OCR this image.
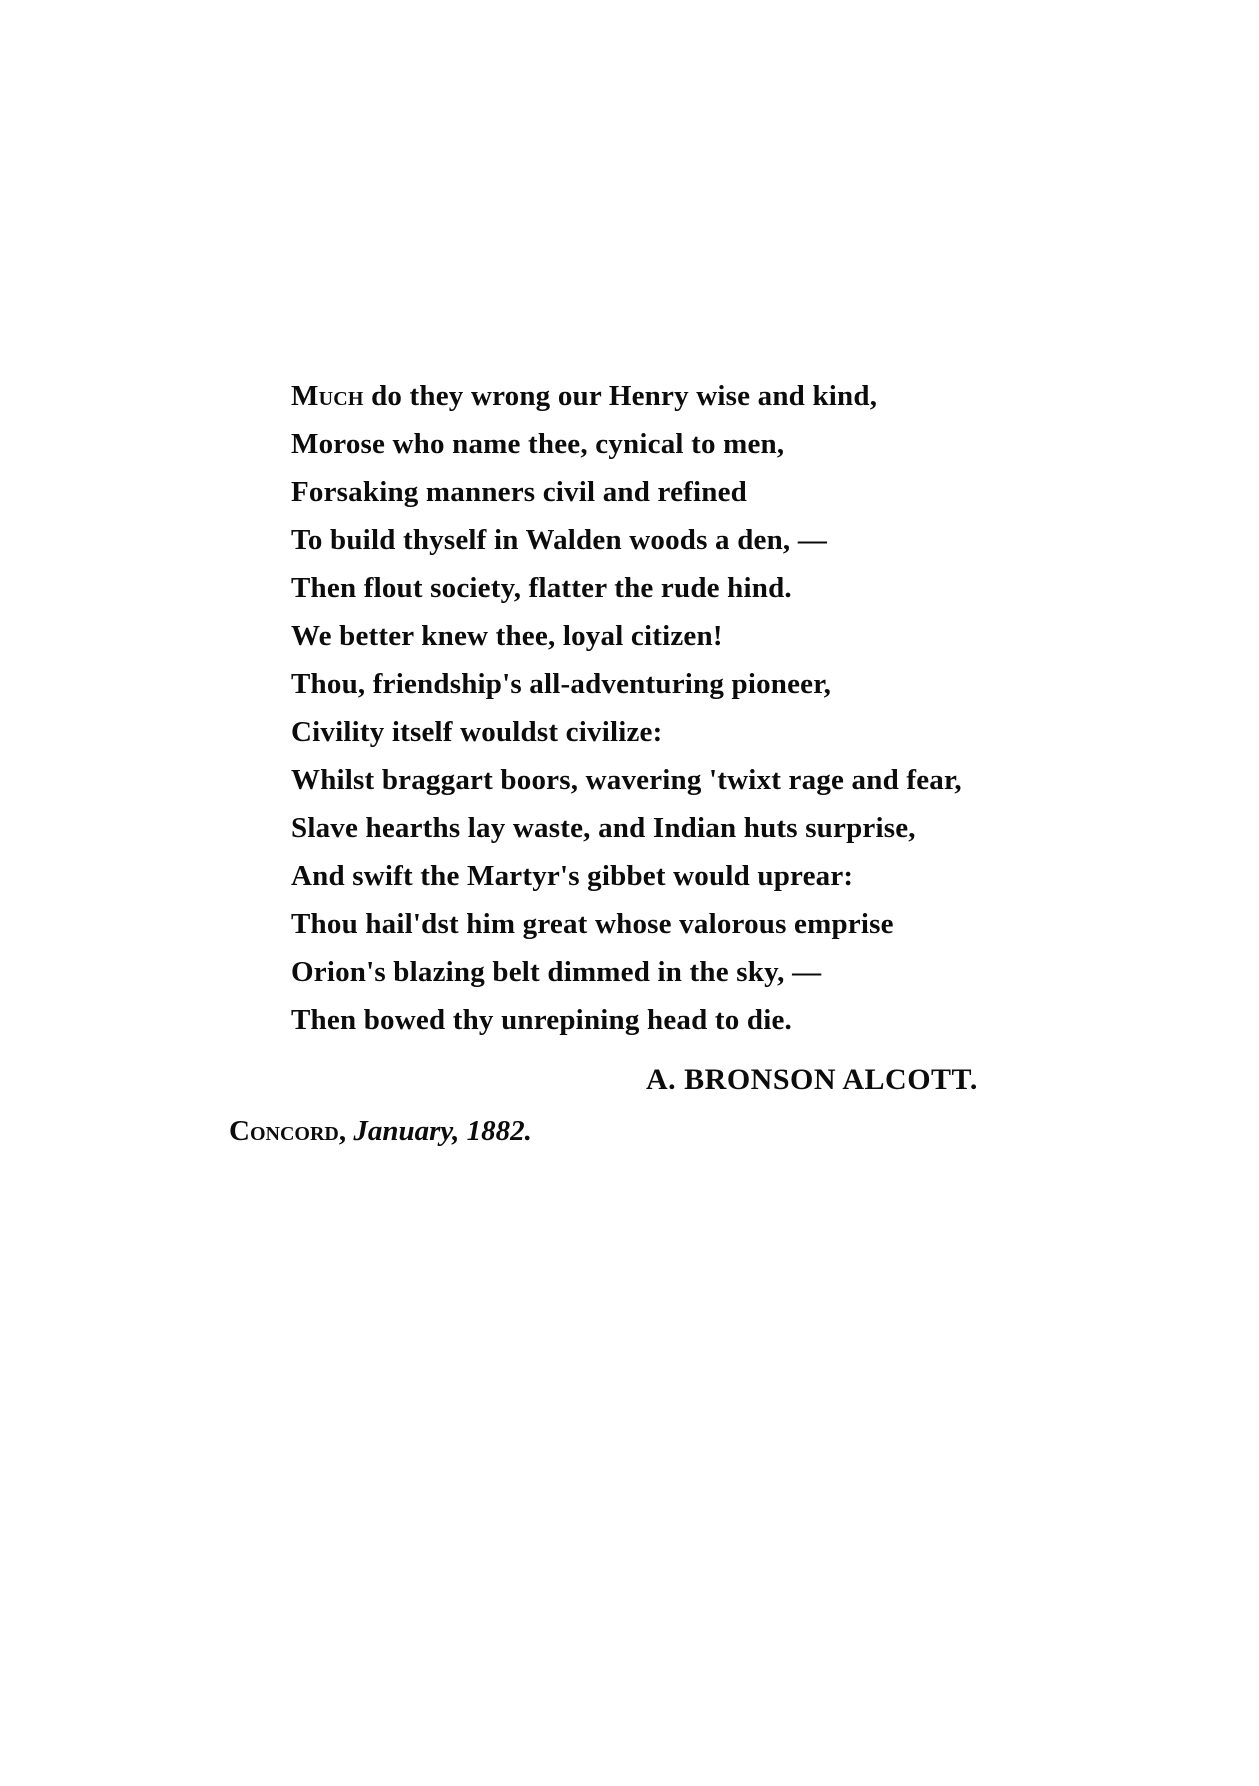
Much do they wrong our Henry wise and kind,
Morose who name thee, cynical to men,
Forsaking manners civil and refined
To build thyself in Walden woods a den, —
Then flout society, flatter the rude hind.
We better knew thee, loyal citizen!
Thou, friendship's all-adventuring pioneer,
Civility itself wouldst civilize:
Whilst braggart boors, wavering 'twixt rage and fear,
Slave hearths lay waste, and Indian huts surprise,
And swift the Martyr's gibbet would uprear:
Thou hail'dst him great whose valorous emprise
Orion's blazing belt dimmed in the sky, —
Then bowed thy unrepining head to die.
A. BRONSON ALCOTT.
Concord, January, 1882.
